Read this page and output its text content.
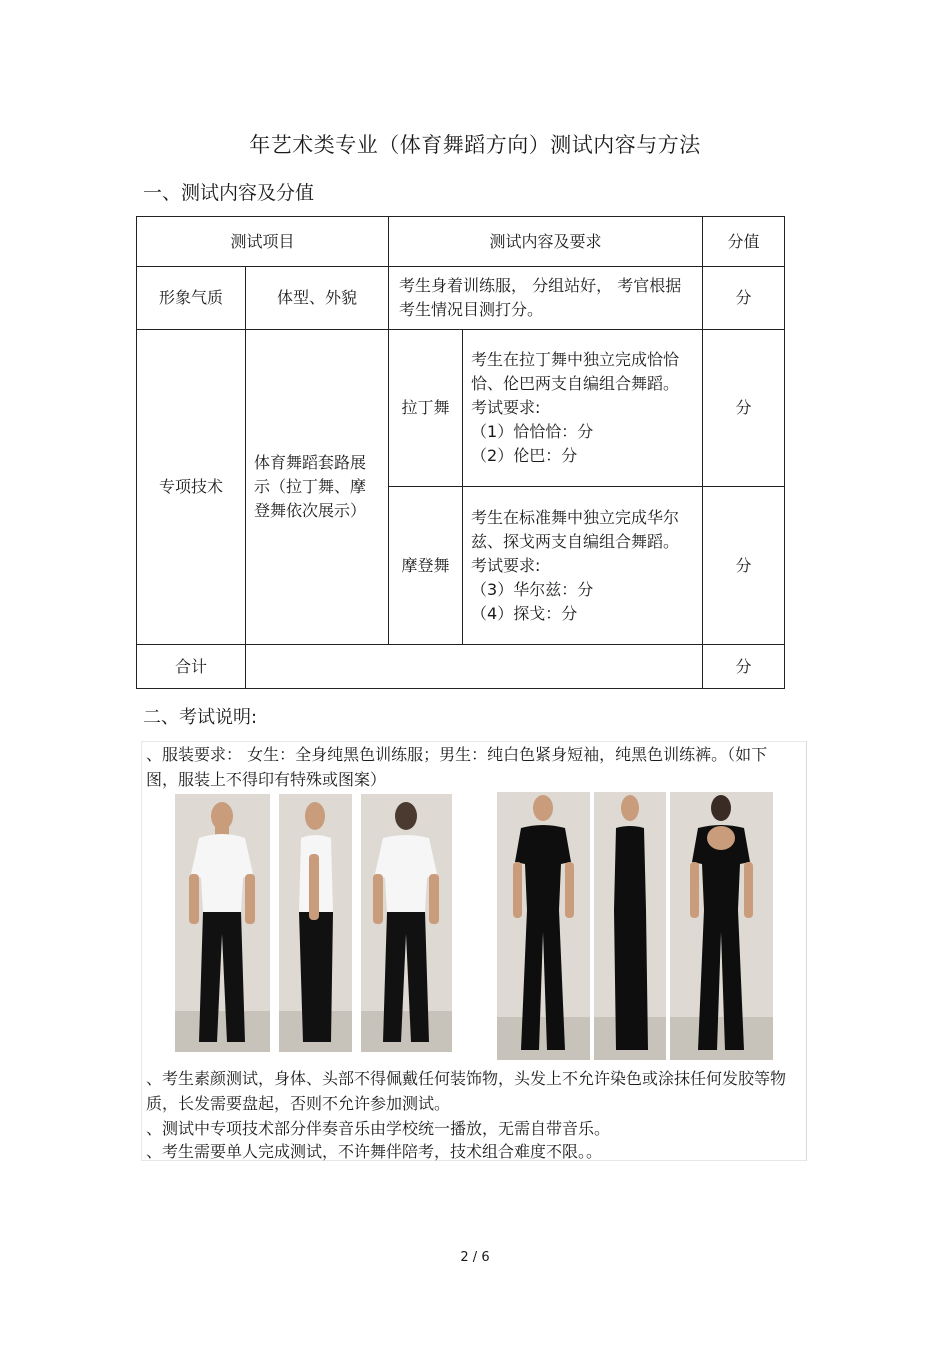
年艺术类专业（体育舞蹈方向）测试内容与方法
一、测试内容及分值
测试项目		测试内容及要求		分值
形象气质	体型、外貌	考生身着训练服， 分组站好， 考官根据考生情况目测打分。		分
专项技术	体育舞蹈套路展示（拉丁舞、摩登舞依次展示）	拉丁舞	考生在拉丁舞中独立完成恰恰恰、伦巴两支自编组合舞蹈。
考试要求:
（1）恰恰恰：分
（2）伦巴：分	分
		摩登舞	考生在标准舞中独立完成华尔兹、探戈两支自编组合舞蹈。
考试要求:
（3）华尔兹：分
（4）探戈：分	分
合计				分
二、考试说明:
、服装要求： 女生：全身纯黑色训练服；男生：纯白色紧身短袖，纯黑色训练裤。（如下图，服装上不得印有特殊或图案）
、考生素颜测试，身体、头部不得佩戴任何装饰物，头发上不允许染色或涂抹任何发胶等物质，长发需要盘起，否则不允许参加测试。
、测试中专项技术部分伴奏音乐由学校统一播放，无需自带音乐。
、考生需要单人完成测试，不许舞伴陪考，技术组合难度不限。。
2 / 6
